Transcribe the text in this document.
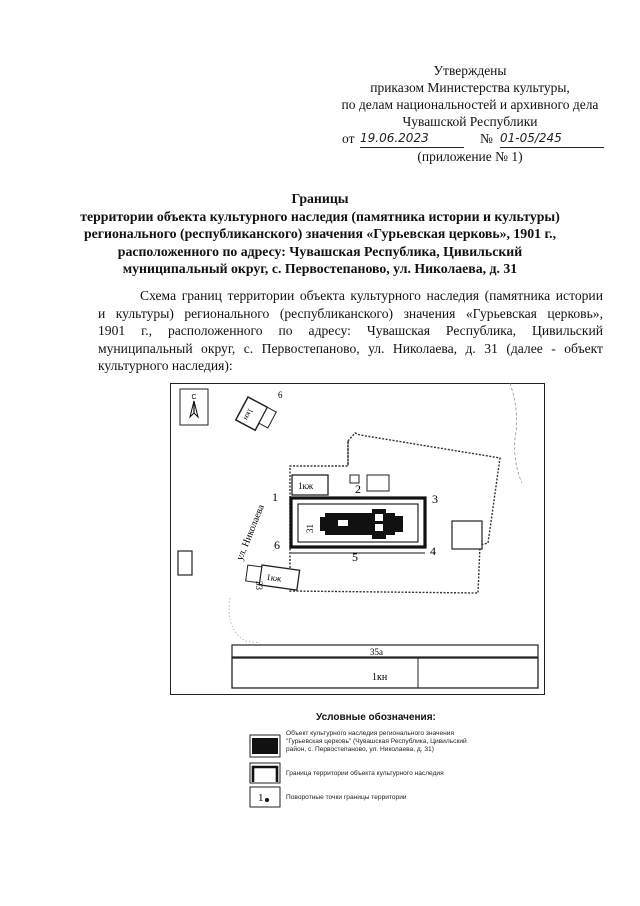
Утверждены
приказом Министерства культуры,
по делам национальностей и архивного дела
Чувашской Республики
от 19.06.2023	№ 01-05/245
(приложение № 1)
Границы
территории объекта культурного наследия (памятника истории и культуры)
регионального (республиканского) значения «Гурьевская церковь», 1901 г.,
расположенного по адресу: Чувашская Республика, Цивильский
муниципальный округ, с. Первостепаново, ул. Николаева, д. 31
Схема границ территории объекта культурного наследия (памятника истории
и культуры) регионального (республиканского) значения «Гурьевская церковь»,
1901 г., расположенного по адресу: Чувашская Республика, Цивильский
муниципальный округ, с. Первостепаново, ул. Николаева, д. 31 (далее - объект
культурного наследия):
С
1кн
6
1кж
31
1
2
3
4
5
6
ул. Николаева
1кж
33
35а
1кн
Условные обозначения:
Объект культурного наследия регионального значения
"Гурьевская церковь" (Чувашская Республика, Цивильский
район, с. Первостепаново, ул. Николаева, д. 31)
Граница территории объекта культурного наследия
1	Поворотные точки границы территории
